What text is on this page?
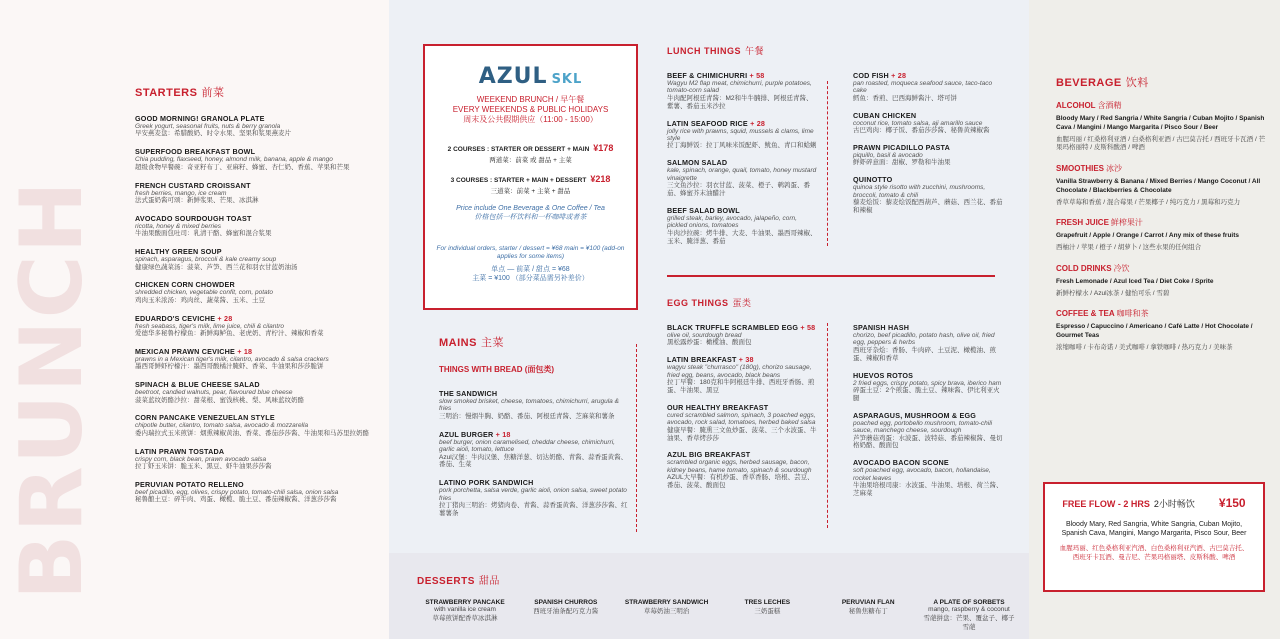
BRUNCH
STARTERS 前菜
GOOD MORNING! GRANOLA PLATE
Greek yogurt, seasonal fruits, nuts & berry granola
早安燕麦盘：希腊酸奶、时令水果、坚果和浆果燕麦片
SUPERFOOD BREAKFAST BOWL
Chia pudding, flaxseed, honey, almond milk, banana, apple & mango
超级食物早餐碗：奇亚籽布丁、亚麻籽、蜂蜜、杏仁奶、香蕉、苹果和芒果
FRENCH CUSTARD CROISSANT
fresh berries, mango, ice cream
法式蛋奶酱可颂：新鲜浆果、芒果、冰淇淋
AVOCADO SOURDOUGH TOAST
ricotta, honey & mixed berries
牛油果酸面包吐司：乳清干酪、蜂蜜和混合浆果
HEALTHY GREEN SOUP
spinach, asparagus, broccoli & kale creamy soup
健康绿色蔬菜汤：菠菜、芦笋、西兰花和羽衣甘蓝奶油汤
CHICKEN CORN CHOWDER
shredded chicken, vegetable confit, corn, potato
鸡肉玉米浓汤：鸡肉丝、蔬菜酱、玉米、土豆
EDUARDO'S CEVICHE + 28
fresh seabass, tiger's milk, lime juice, chili & cilantro
爱德华多秘鲁柠檬鱼：新鲜海鲈鱼、老虎奶、青柠汁、辣椒和香菜
MEXICAN PRAWN CEVICHE + 18
prawns in a Mexican tiger's milk, cilantro, avocado & salsa crackers
墨西哥鲜虾柠檬汁：墨西哥酸橘汁腌虾、香菜、牛油果和莎莎脆饼
SPINACH & BLUE CHEESE SALAD
beetroot, candied walnuts, pear, flavoured blue cheese
菠菜蓝纹奶酪沙拉：甜菜根、蜜饯核桃、梨、风味蓝纹奶酪
CORN PANCAKE VENEZUELAN STYLE
chipotle butter, cilantro, tomato salsa, avocado & mozzarella
委内瑞拉式玉米煎饼：烟熏辣椒黄油、香菜、番茄莎莎酱、牛油果和马苏里拉奶酪
LATIN PRAWN TOSTADA
crispy corn, black bean, prawn avocado salsa
拉丁虾玉米饼：脆玉米、黑豆、虾牛油果莎莎酱
PERUVIAN POTATO RELLENO
beef picadillo, egg, olives, crispy potato, tomato-chili salsa, onion salsa
秘鲁酿土豆：碎牛肉、鸡蛋、橄榄、脆土豆、番茄辣椒酱、洋葱莎莎酱
AZUL SKL
WEEKEND BRUNCH / 早午餐
EVERY WEEKENDS & PUBLIC HOLIDAYS
周末及公共假期供应（11:00 - 15:00）
2 COURSES : STARTER OR DESSERT + MAIN ¥178
两道菜：前菜 或 甜品 + 主菜
3 COURSES : STARTER + MAIN + DESSERT ¥218
三道菜：前菜 + 主菜 + 甜品
Price include One Beverage & One Coffee / Tea
价格包括一杯饮料和一杯咖啡或者茶
For individual orders, starter / dessert = ¥68 main = ¥100 (add-on applies for some items)
单点 — 前菜 / 甜点 = ¥68
主菜 = ¥100 （部分菜品需另补差价）
LUNCH THINGS 午餐
BEEF & CHIMICHURRI + 58
Wagyu M2 flap meat, chimichurri, purple potatoes, tomato-corn salad
牛肉配阿根廷青酱：M2和牛牛腩排、阿根廷青酱、紫薯、番茄玉米沙拉
LATIN SEAFOOD RICE + 28
jolly rice with prawns, squid, mussels & clams, lime style
拉丁海鲜饭：拉丁风味米饭配虾、鱿鱼、青口和蛤蜊
SALMON SALAD
kale, spinach, orange, quail, tomato, honey mustard vinaigrette
三文鱼沙拉：羽衣甘蓝、菠菜、橙子、鹌鹑蛋、番茄、蜂蜜芥末油醋汁
BEEF SALAD BOWL
grilled steak, barley, avocado, jalapeño, corn, pickled onions, tomatoes
牛肉沙拉碗：烤牛排、大麦、牛油果、墨西哥辣椒、玉米、腌洋葱、番茄
COD FISH + 28
pan roasted, moqueca seafood sauce, taco-taco cake
鳕鱼：香煎、巴西海鲜酱汁、塔可饼
CUBAN CHICKEN
coconut rice, tomato salsa, aji amarillo sauce
古巴鸡肉：椰子饭、番茄莎莎酱、秘鲁黄辣椒酱
PRAWN PICADILLO PASTA
piquillo, basil & avocado
鲜虾碎意面：甜椒、罗勒和牛油果
QUINOTTO
quinoa style risotto with zucchini, mushrooms, broccoli, tomato & chili
藜麦烩饭：藜麦烩饭配西葫芦、蘑菇、西兰花、番茄和辣椒
EGG THINGS 蛋类
BLACK TRUFFLE SCRAMBLED EGG + 58
olive oil, sourdough bread
黑松露炒蛋：橄榄油、酸面包
LATIN BREAKFAST + 38
wagyu steak "churrasco" (180g), chorizo sausage, fried egg, beans, avocado, black beans
拉丁早餐：180克和牛阿根廷牛排、西班牙香肠、煎蛋、牛油果、黑豆
OUR HEALTHY BREAKFAST
cured scrambled salmon, spinach, 3 poached eggs, avocado, rock salad, tomatoes, herbed baked salsa
健康早餐：腌熏三文鱼炒蛋、菠菜、三个水波蛋、牛油果、香草烤莎莎
AZUL BIG BREAKFAST
scrambled organic eggs, herbed sausage, bacon, kidney beans, hame tomato, spinach & sourdough
AZUL大早餐：有机炒蛋、香草香肠、培根、芸豆、番茄、菠菜、酸面包
SPANISH HASH
chorizo, beef picadillo, potato hash, olive oil, fried egg, peppers & herbs
西班牙杂烩：香肠、牛肉碎、土豆泥、橄榄油、煎蛋、辣椒和香草
HUEVOS ROTOS
2 fried eggs, crispy potato, spicy brava, iberico ham
碎蛋土豆：2个煎蛋、脆土豆、辣味酱、伊比利亚火腿
ASPARAGUS, MUSHROOM & EGG
poached egg, portobello mushroom, tomato-chili sauce, manchego cheese, sourdough
芦笋蘑菇鸡蛋：水波蛋、波特菇、番茄辣椒酱、曼切格奶酪、酸面包
AVOCADO BACON SCONE
soft poached egg, avocado, bacon, hollandaise, rocket leaves
牛油果培根司康：水波蛋、牛油果、培根、荷兰酱、芝麻菜
MAINS 主菜
THINGS WITH BREAD (面包类)
THE SANDWICH
slow smoked brisket, cheese, tomatoes, chimichurri, arugula & fries
三明治：慢烟牛胸、奶酪、番茄、阿根廷青酱、芝麻菜和薯条
AZUL BURGER + 18
beef burger, onion caramelised, cheddar cheese, chimichurri, garlic aioli, tomato, lettuce
Azul汉堡：牛肉汉堡、焦糖洋葱、切达奶酪、青酱、蒜香蛋黄酱、番茄、生菜
LATINO PORK SANDWICH
pork porchetta, salsa verde, garlic aioli, onion salsa, sweet potato fries
拉丁猪肉三明治：烤猪肉卷、青酱、蒜香蛋黄酱、洋葱莎莎酱、红薯薯条
DESSERTS 甜品
STRAWBERRY PANCAKE
with vanilla ice cream
草莓煎饼配香草冰淇淋
SPANISH CHURROS
西班牙油条配巧克力酱
STRAWBERRY SANDWICH
草莓奶油三明治
TRES LECHES
三奶蛋糕
PERUVIAN FLAN
秘鲁焦糖布丁
A PLATE OF SORBETS
mango, raspberry & coconut
雪葩拼盘：芒果、覆盆子、椰子雪葩
BEVERAGE 饮料
ALCOHOL 含酒精
Bloody Mary / Red Sangria / White Sangria / Cuban Mojito / Spanish Cava / Mangini / Mango Margarita / Pisco Sour / Beer
血腥玛丽 / 红桑格利亚酒 / 白桑格利亚酒 / 古巴莫吉托 / 西班牙卡瓦酒 / 芒果玛格丽特 / 皮斯科酸酒 / 啤酒
SMOOTHIES 冰沙
Vanilla Strawberry & Banana / Mixed Berries / Mango Coconut / All Chocolate / Blackberries & Chocolate
香草草莓和香蕉 / 混合莓果 / 芒果椰子 / 纯巧克力 / 黑莓和巧克力
FRESH JUICE 鲜榨果汁
Grapefruit / Apple / Orange / Carrot / Any mix of these fruits
西柚汁 / 苹果 / 橙子 / 胡萝卜 / 这些水果的任何组合
COLD DRINKS 冷饮
Fresh Lemonade / Azul Iced Tea / Diet Coke / Sprite
新鲜柠檬水 / Azul冰茶 / 健怡可乐 / 雪碧
COFFEE & TEA 咖啡和茶
Espresso / Capuccino / Americano / Café Latte / Hot Chocolate / Gourmet Teas
浓缩咖啡 / 卡布奇诺 / 美式咖啡 / 拿铁咖啡 / 热巧克力 / 美味茶
FREE FLOW - 2 HRS 2小时畅饮 ¥150
Bloody Mary, Red Sangria, White Sangria, Cuban Mojito, Spanish Cava, Mangini, Mango Margarita, Pisco Sour, Beer
血腥玛丽、红色桑格利亚汽酒、白色桑格利亚汽酒、古巴莫吉托、西班牙卡瓦酒、曼吉尼、芒果玛格丽塔、皮斯科酸、啤酒
